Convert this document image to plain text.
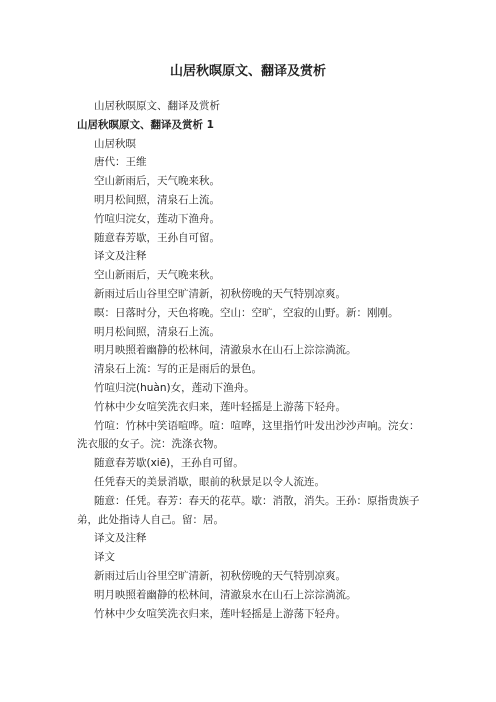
山居秋暝原文、翻译及赏析

山居秋暝原文、翻译及赏析

山居秋暝原文、翻译及赏析 1

山居秋暝

唐代：王维

空山新雨后，天气晚来秋。

明月松间照，清泉石上流。

竹喧归浣女，莲动下渔舟。

随意春芳歇，王孙自可留。

译文及注释

空山新雨后，天气晚来秋。

新雨过后山谷里空旷清新，初秋傍晚的天气特别凉爽。

暝：日落时分，天色将晚。空山：空旷，空寂的山野。新：刚刚。

明月松间照，清泉石上流。

明月映照着幽静的松林间，清澈泉水在山石上淙淙淌流。

清泉石上流：写的正是雨后的景色。

竹喧归浣(huàn)女，莲动下渔舟。

竹林中少女喧笑洗衣归来，莲叶轻摇是上游荡下轻舟。

竹喧：竹林中笑语喧哗。喧：喧哗，这里指竹叶发出沙沙声响。浣女：洗衣服的女子。浣：洗涤衣物。

随意春芳歇(xiē)，王孙自可留。

任凭春天的美景消歇，眼前的秋景足以令人流连。

随意：任凭。春芳：春天的花草。歇：消散，消失。王孙：原指贵族子弟，此处指诗人自己。留：居。

译文及注释

译文

新雨过后山谷里空旷清新，初秋傍晚的天气特别凉爽。

明月映照着幽静的松林间，清澈泉水在山石上淙淙淌流。

竹林中少女喧笑洗衣归来，莲叶轻摇是上游荡下轻舟。
